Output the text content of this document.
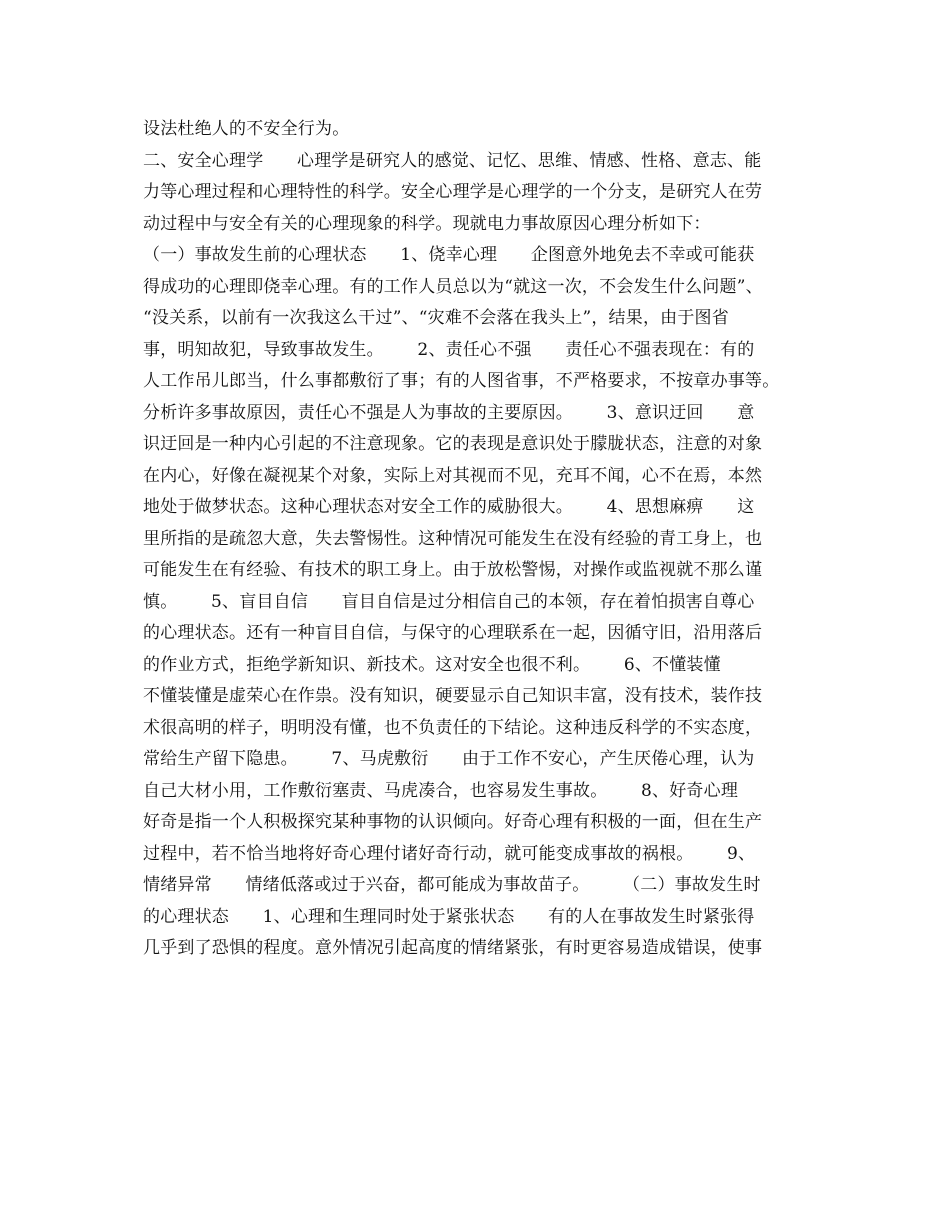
设法杜绝人的不安全行为。
二、安全心理学      心理学是研究人的感觉、记忆、思维、情感、性格、意志、能
力等心理过程和心理特性的科学。安全心理学是心理学的一个分支，是研究人在劳
动过程中与安全有关的心理现象的科学。现就电力事故原因心理分析如下：
（一）事故发生前的心理状态      1、侥幸心理      企图意外地免去不幸或可能获
得成功的心理即侥幸心理。有的工作人员总以为“就这一次，不会发生什么问题”、
“没关系，以前有一次我这么干过”、“灾难不会落在我头上”，结果，由于图省
事，明知故犯，导致事故发生。      2、责任心不强      责任心不强表现在：有的
人工作吊儿郎当，什么事都敷衍了事；有的人图省事，不严格要求，不按章办事等。
分析许多事故原因，责任心不强是人为事故的主要原因。      3、意识迂回      意
识迂回是一种内心引起的不注意现象。它的表现是意识处于朦胧状态，注意的对象
在内心，好像在凝视某个对象，实际上对其视而不见，充耳不闻，心不在焉，本然
地处于做梦状态。这种心理状态对安全工作的威胁很大。      4、思想麻痹      这
里所指的是疏忽大意，失去警惕性。这种情况可能发生在没有经验的青工身上，也
可能发生在有经验、有技术的职工身上。由于放松警惕，对操作或监视就不那么谨
慎。      5、盲目自信      盲目自信是过分相信自己的本领，存在着怕损害自尊心
的心理状态。还有一种盲目自信，与保守的心理联系在一起，因循守旧，沿用落后
的作业方式，拒绝学新知识、新技术。这对安全也很不利。      6、不懂装懂
不懂装懂是虚荣心在作祟。没有知识，硬要显示自己知识丰富，没有技术，装作技
术很高明的样子，明明没有懂，也不负责任的下结论。这种违反科学的不实态度，
常给生产留下隐患。      7、马虎敷衍      由于工作不安心，产生厌倦心理，认为
自己大材小用，工作敷衍塞责、马虎凑合，也容易发生事故。      8、好奇心理
好奇是指一个人积极探究某种事物的认识倾向。好奇心理有积极的一面，但在生产
过程中，若不恰当地将好奇心理付诸好奇行动，就可能变成事故的祸根。      9、
情绪异常      情绪低落或过于兴奋，都可能成为事故苗子。      （二）事故发生时
的心理状态      1、心理和生理同时处于紧张状态      有的人在事故发生时紧张得
几乎到了恐惧的程度。意外情况引起高度的情绪紧张，有时更容易造成错误，使事
